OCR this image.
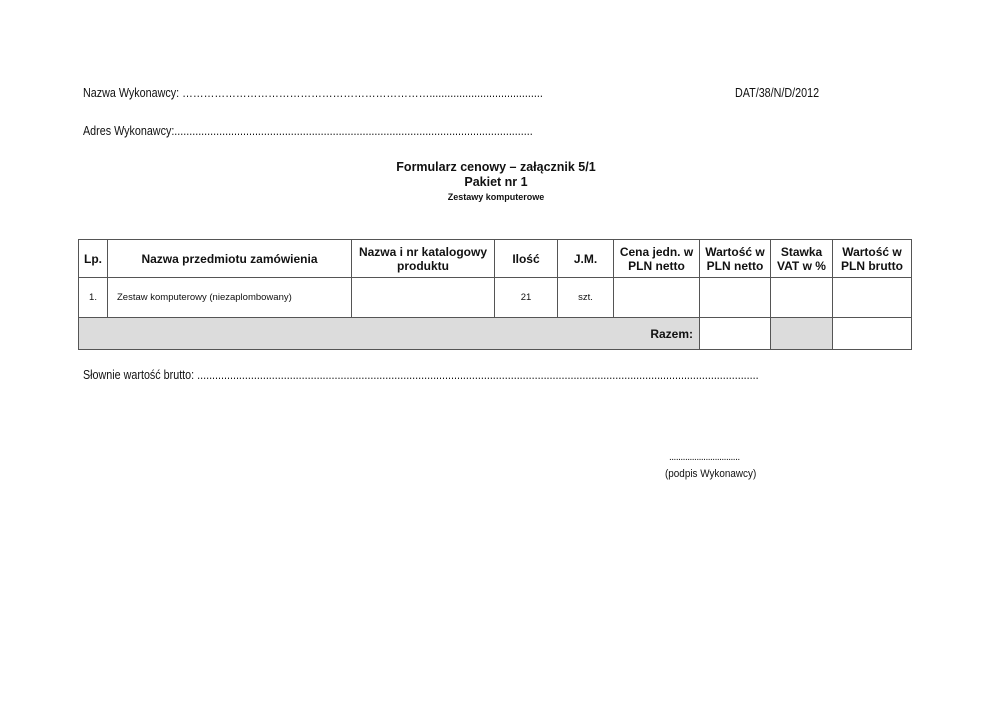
Nazwa Wykonawcy: ……………………………………………………………......................................	DAT/38/N/D/2012
Adres Wykonawcy:........................................................................................................................
Formularz cenowy – załącznik 5/1
Pakiet nr 1
Zestawy komputerowe
Lp.	Nazwa przedmiotu zamówienia	Nazwa i nr katalogowy produktu	Ilość	J.M.	Cena jedn. w PLN netto	Wartość w PLN netto	Stawka VAT w %	Wartość w PLN brutto
1.	Zestaw komputerowy (niezaplombowany)		21	szt.				
Razem:								
Słownie wartość brutto: ............................................................................................................................................................................................
...............................
(podpis Wykonawcy)
